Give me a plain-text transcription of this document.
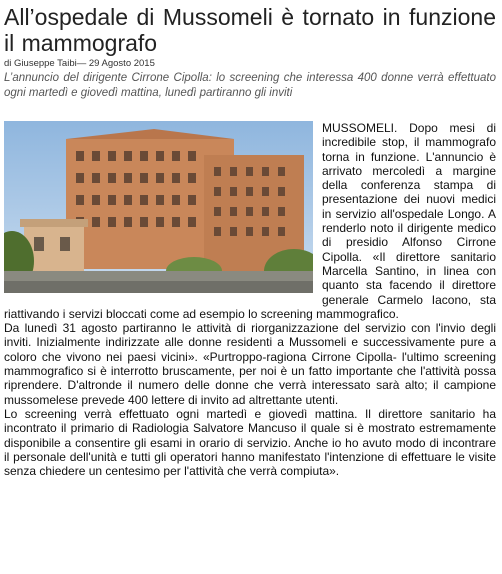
All’ospedale di Mussomeli è tornato in funzione il mammografo
di Giuseppe Taibi— 29 Agosto 2015
L’annuncio del dirigente Cirrone Cipolla: lo screening che interessa 400 donne verrà effettuato ogni martedì e giovedì mattina, lunedì partiranno gli inviti

MUSSOMELI. Dopo mesi di incredibile stop, il mammografo torna in funzione. L'annuncio è arrivato mercoledì a margine della conferenza stampa di presentazione dei nuovi medici in servizio all'ospedale Longo. A renderlo noto il dirigente medico di presidio Alfonso Cirrone Cipolla. «Il direttore sanitario Marcella Santino, in linea con quanto sta facendo il direttore generale Carmelo Iacono, sta riattivando i servizi bloccati come ad esempio lo screening mammografico.

Da lunedì 31 agosto partiranno le attività di riorganizzazione del servizio con l'invio degli inviti. Inizialmente indirizzate alle donne residenti a Mussomeli e successivamente pure a coloro che vivono nei paesi vicini». «Purtroppo-ragiona Cirrone Cipolla- l'ultimo screening mammografico si è interrotto bruscamente, per noi è un fatto importante che l'attività possa riprendere. D'altronde il numero delle donne che verrà interessato sarà alto; il campione mussomelese prevede 400 lettere di invito ad altrettante utenti.

Lo screening verrà effettuato ogni martedì e giovedì mattina. Il direttore sanitario ha incontrato il primario di Radiologia Salvatore Mancuso il quale si è mostrato estremamente disponibile a consentire gli esami in orario di servizio. Anche io ho avuto modo di incontrare il personale dell'unità e tutti gli operatori hanno manifestato l'intenzione di effettuare le visite senza chiedere un centesimo per l'attività che verrà compiuta».
